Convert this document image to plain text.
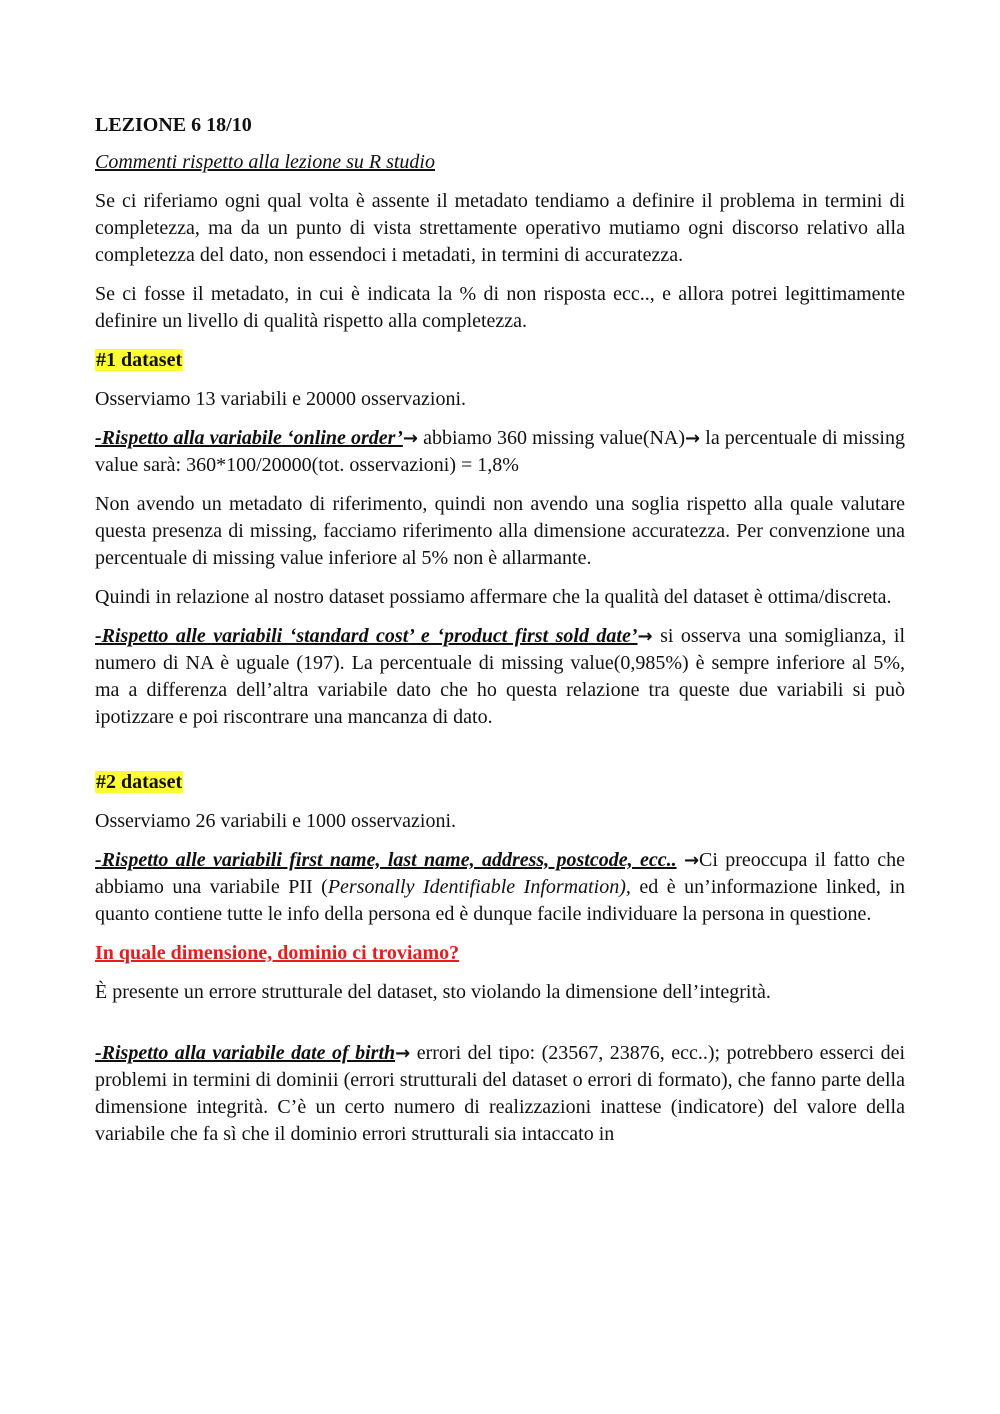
LEZIONE 6 18/10

Commenti rispetto alla lezione su R studio

Se ci riferiamo ogni qual volta è assente il metadato tendiamo a definire il problema in termini di completezza, ma da un punto di vista strettamente operativo mutiamo ogni discorso relativo alla completezza del dato, non essendoci i metadati, in termini di accuratezza.

Se ci fosse il metadato, in cui è indicata la % di non risposta ecc.., e allora potrei legittimamente definire un livello di qualità rispetto alla completezza.

#1 dataset

Osserviamo 13 variabili e 20000 osservazioni.

-Rispetto alla variabile ‘online order’→ abbiamo 360 missing value(NA)→ la percentuale di missing value sarà: 360*100/20000(tot. osservazioni) = 1,8%

Non avendo un metadato di riferimento, quindi non avendo una soglia rispetto alla quale valutare questa presenza di missing, facciamo riferimento alla dimensione accuratezza. Per convenzione una percentuale di missing value inferiore al 5% non è allarmante.

Quindi in relazione al nostro dataset possiamo affermare che la qualità del dataset è ottima/discreta.

-Rispetto alle variabili ‘standard cost’ e ‘product first sold date’→ si osserva una somiglianza, il numero di NA è uguale (197). La percentuale di missing value(0,985%) è sempre inferiore al 5%, ma a differenza dell’altra variabile dato che ho questa relazione tra queste due variabili si può ipotizzare e poi riscontrare una mancanza di dato.

#2 dataset

Osserviamo 26 variabili e 1000 osservazioni.

-Rispetto alle variabili first name, last name, address, postcode, ecc.. →Ci preoccupa il fatto che abbiamo una variabile PII (Personally Identifiable Information), ed è un’informazione linked, in quanto contiene tutte le info della persona ed è dunque facile individuare la persona in questione.

In quale dimensione, dominio ci troviamo?

È presente un errore strutturale del dataset, sto violando la dimensione dell’integrità.

-Rispetto alla variabile date of birth→ errori del tipo: (23567, 23876, ecc..); potrebbero esserci dei problemi in termini di dominii (errori strutturali del dataset o errori di formato), che fanno parte della dimensione integrità. C’è un certo numero di realizzazioni inattese (indicatore) del valore della variabile che fa sì che il dominio errori strutturali sia intaccato in
